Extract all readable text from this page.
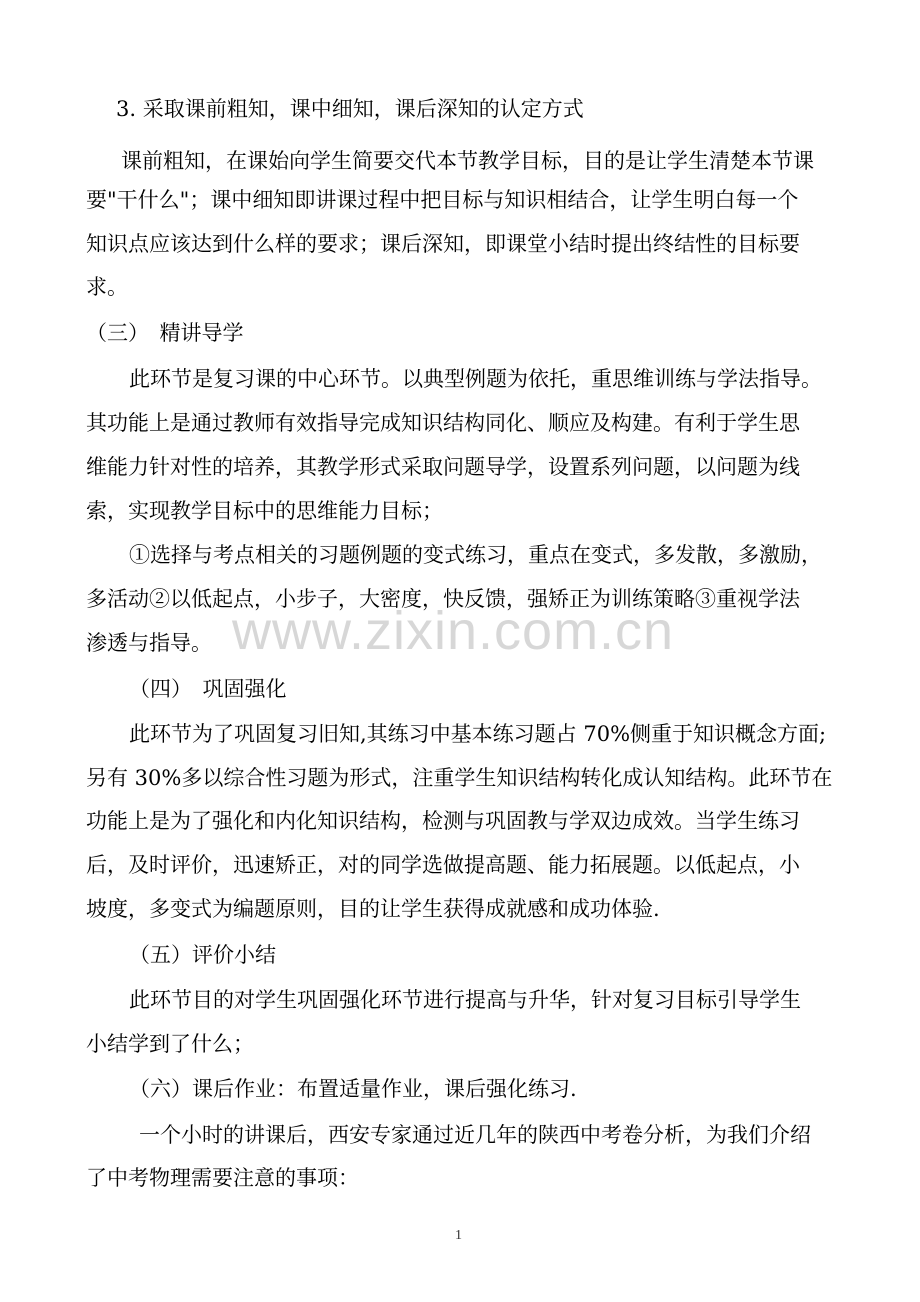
3. 采取课前粗知，课中细知，课后深知的认定方式
课前粗知，在课始向学生简要交代本节教学目标，目的是让学生清楚本节课
要"干什么"；课中细知即讲课过程中把目标与知识相结合，让学生明白每一个
知识点应该达到什么样的要求；课后深知，即课堂小结时提出终结性的目标要
求。
（三）　精讲导学
此环节是复习课的中心环节。以典型例题为依托，重思维训练与学法指导。
其功能上是通过教师有效指导完成知识结构同化、顺应及构建。有利于学生思
维能力针对性的培养，其教学形式采取问题导学，设置系列问题，以问题为线
索，实现教学目标中的思维能力目标；
①选择与考点相关的习题例题的变式练习，重点在变式，多发散，多激励，
多活动②以低起点，小步子，大密度，快反馈，强矫正为训练策略③重视学法
渗透与指导。
（四）　巩固强化
此环节为了巩固复习旧知,其练习中基本练习题占 70%侧重于知识概念方面;
另有 30%多以综合性习题为形式，注重学生知识结构转化成认知结构。此环节在
功能上是为了强化和内化知识结构，检测与巩固教与学双边成效。当学生练习
后，及时评价，迅速矫正，对的同学选做提高题、能力拓展题。以低起点，小
坡度，多变式为编题原则，目的让学生获得成就感和成功体验.
（五）评价小结
此环节目的对学生巩固强化环节进行提高与升华，针对复习目标引导学生
小结学到了什么；
（六）课后作业：布置适量作业，课后强化练习.
一个小时的讲课后，西安专家通过近几年的陕西中考卷分析，为我们介绍
了中考物理需要注意的事项：
www.zixin.com.cn
1
